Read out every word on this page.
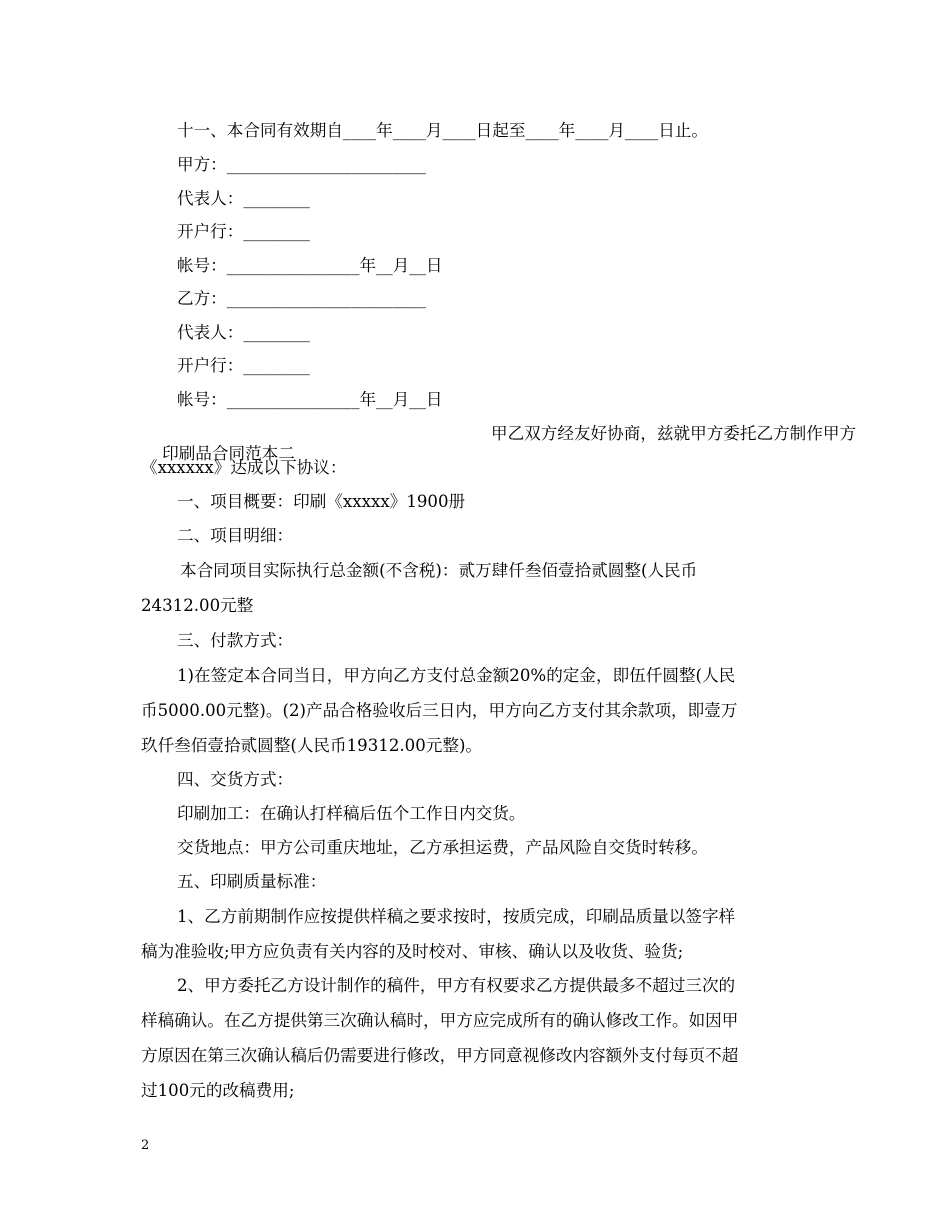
十一、本合同有效期自____年____月____日起至____年____月____日止。
甲方：________________________
代表人：________
开户行：________
帐号：________________年__月__日
乙方：________________________
代表人：________
开户行：________
帐号：________________年__月__日

印刷品合同范本二

甲乙双方经友好协商，兹就甲方委托乙方制作甲方

《xxxxxx》达成以下协议：
一、项目概要：印刷《xxxxx》1900册
二、项目明细：
本合同项目实际执行总金额(不含税)：贰万肆仟叁佰壹拾贰圆整(人民币
24312.00元整
三、付款方式：
1)在签定本合同当日，甲方向乙方支付总金额20%的定金，即伍仟圆整(人民
币5000.00元整)。(2)产品合格验收后三日内，甲方向乙方支付其余款项，即壹万
玖仟叁佰壹拾贰圆整(人民币19312.00元整)。
四、交货方式：
印刷加工：在确认打样稿后伍个工作日内交货。
交货地点：甲方公司重庆地址，乙方承担运费，产品风险自交货时转移。
五、印刷质量标准：
1、乙方前期制作应按提供样稿之要求按时，按质完成，印刷品质量以签字样
稿为准验收;甲方应负责有关内容的及时校对、审核、确认以及收货、验货;
2、甲方委托乙方设计制作的稿件，甲方有权要求乙方提供最多不超过三次的
样稿确认。在乙方提供第三次确认稿时，甲方应完成所有的确认修改工作。如因甲
方原因在第三次确认稿后仍需要进行修改，甲方同意视修改内容额外支付每页不超
过100元的改稿费用;
2
